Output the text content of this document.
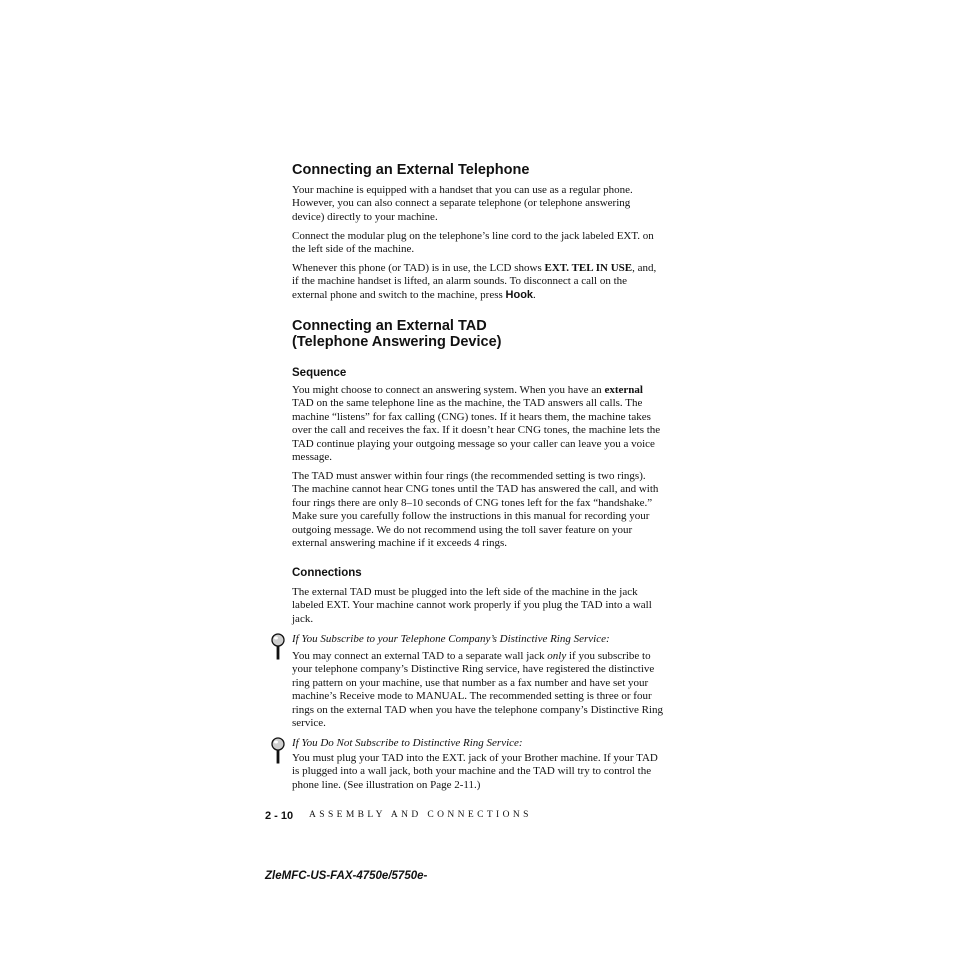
Connecting an External Telephone

Your machine is equipped with a handset that you can use as a regular phone. However, you can also connect a separate telephone (or telephone answering device) directly to your machine.

Connect the modular plug on the telephone’s line cord to the jack labeled EXT. on the left side of the machine.

Whenever this phone (or TAD) is in use, the LCD shows EXT. TEL IN USE, and, if the machine handset is lifted, an alarm sounds. To disconnect a call on the external phone and switch to the machine, press Hook.

Connecting an External TAD
(Telephone Answering Device)
Sequence

You might choose to connect an answering system. When you have an external TAD on the same telephone line as the machine, the TAD answers all calls. The machine “listens” for fax calling (CNG) tones. If it hears them, the machine takes over the call and receives the fax. If it doesn’t hear CNG tones, the machine lets the TAD continue playing your outgoing message so your caller can leave you a voice message.

The TAD must answer within four rings (the recommended setting is two rings). The machine cannot hear CNG tones until the TAD has answered the call, and with four rings there are only 8–10 seconds of CNG tones left for the fax “handshake.” Make sure you carefully follow the instructions in this manual for recording your outgoing message. We do not recommend using the toll saver feature on your external answering machine if it exceeds 4 rings.

Connections

The external TAD must be plugged into the left side of the machine in the jack labeled EXT. Your machine cannot work properly if you plug the TAD into a wall jack.

If You Subscribe to your Telephone Company’s Distinctive Ring Service:

You may connect an external TAD to a separate wall jack only if you subscribe to your telephone company’s Distinctive Ring service, have registered the distinctive ring pattern on your machine, use that number as a fax number and have set your machine’s Receive mode to MANUAL. The recommended setting is three or four rings on the external TAD when you have the telephone company’s Distinctive Ring service.

If You Do Not Subscribe to Distinctive Ring Service:

You must plug your TAD into the EXT. jack of your Brother machine. If your TAD is plugged into a wall jack, both your machine and the TAD will try to control the phone line. (See illustration on Page 2-11.)

2 - 10 ASSEMBLY AND CONNECTIONS
ZleMFC-US-FAX-4750e/5750e-
